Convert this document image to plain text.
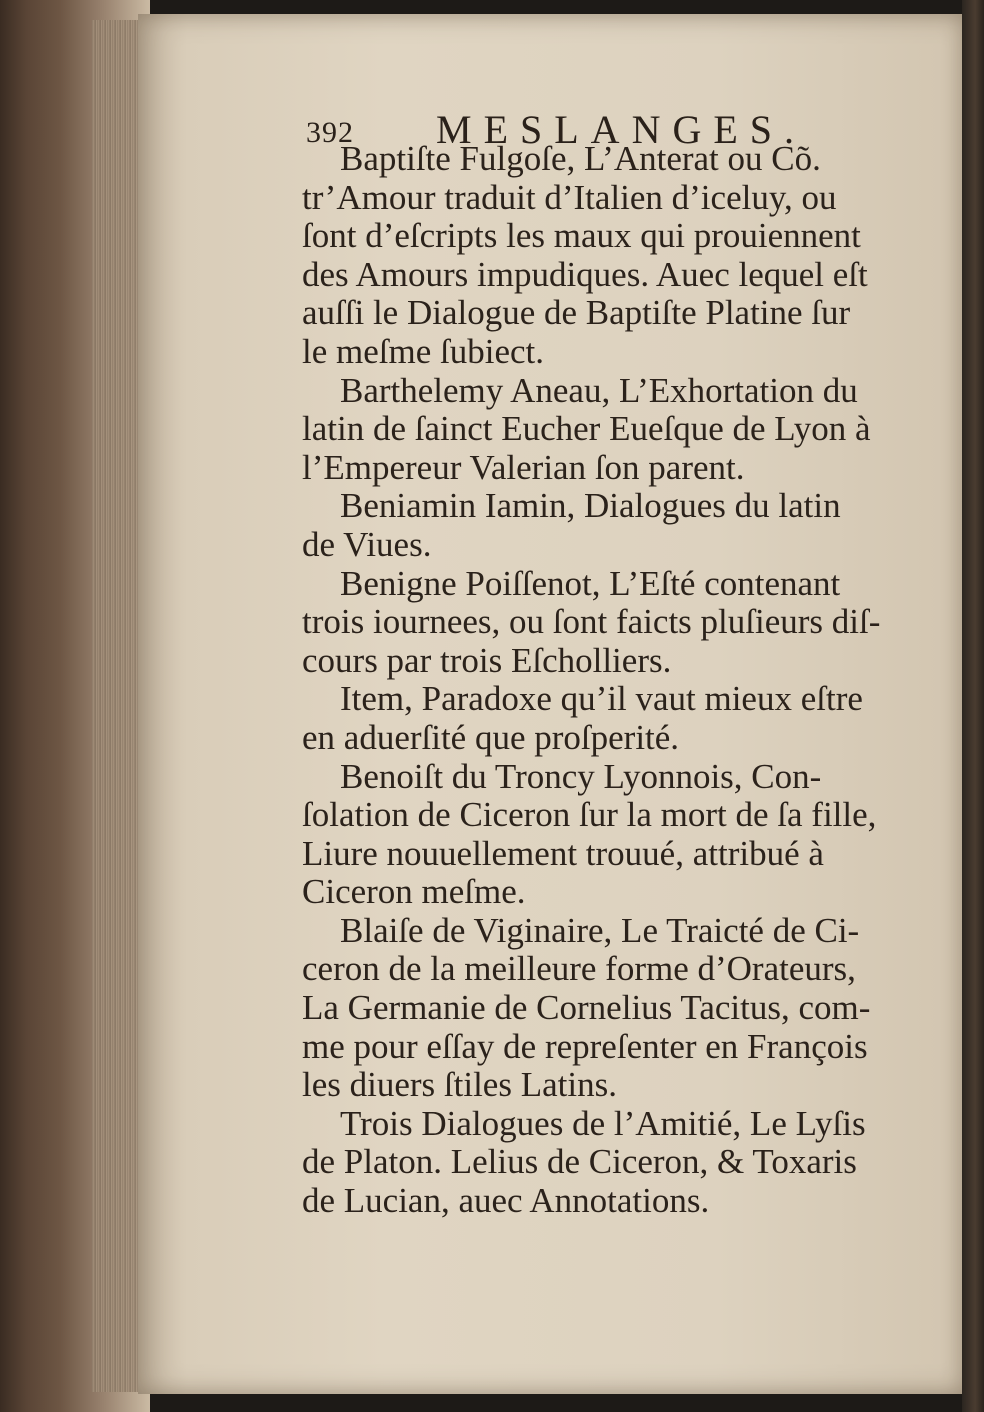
392 MESLANGES.
Baptiſte Fulgoſe, L’Anterat ou Cõ.
tr’Amour traduit d’Italien d’iceluy, ou
ſont d’eſcripts les maux qui prouiennent
des Amours impudiques. Auec lequel eſt
auſſi le Dialogue de Baptiſte Platine ſur
le meſme ſubiect.
Barthelemy Aneau, L’Exhortation du
latin de ſainct Eucher Eueſque de Lyon à
l’Empereur Valerian ſon parent.
Beniamin Iamin, Dialogues du latin
de Viues.
Benigne Poiſſenot, L’Eſté contenant
trois iournees, ou ſont faicts pluſieurs diſ-
cours par trois Eſcholliers.
Item, Paradoxe qu’il vaut mieux eſtre
en aduerſité que proſperité.
Benoiſt du Troncy Lyonnois, Con-
ſolation de Ciceron ſur la mort de ſa fille,
Liure nouuellement trouué, attribué à
Ciceron meſme.
Blaiſe de Viginaire, Le Traicté de Ci-
ceron de la meilleure forme d’Orateurs,
La Germanie de Cornelius Tacitus, com-
me pour eſſay de repreſenter en François
les diuers ſtiles Latins.
Trois Dialogues de l’Amitié, Le Lyſis
de Platon. Lelius de Ciceron, & Toxaris
de Lucian, auec Annotations.
